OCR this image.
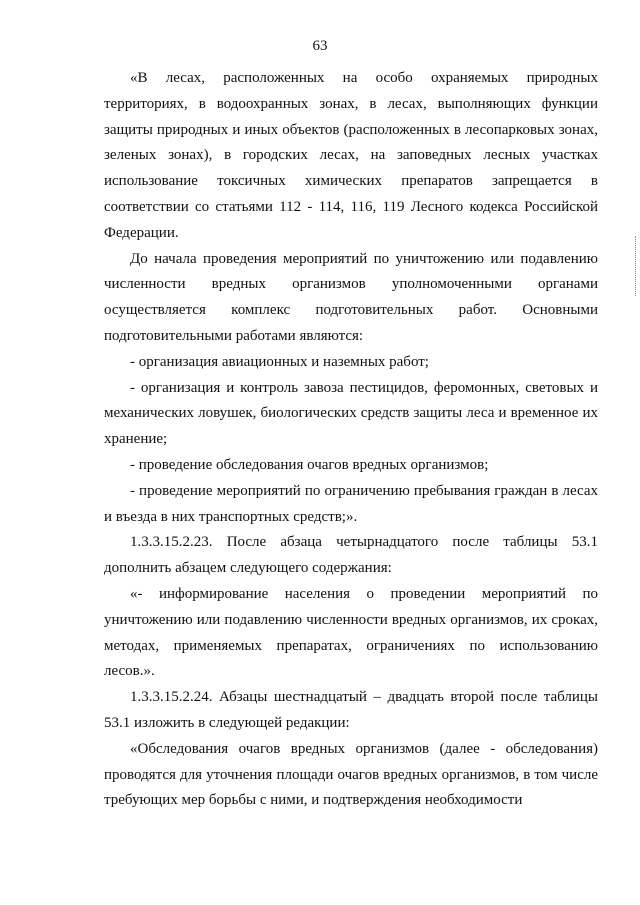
63

«В лесах, расположенных на особо охраняемых природных территориях, в водоохранных зонах, в лесах, выполняющих функции защиты природных и иных объектов (расположенных в лесопарковых зонах, зеленых зонах), в городских лесах, на заповедных лесных участках использование токсичных химических препаратов запрещается в соответствии со статьями 112 - 114, 116, 119 Лесного кодекса Российской Федерации.

До начала проведения мероприятий по уничтожению или подавлению численности вредных организмов уполномоченными органами осуществляется комплекс подготовительных работ. Основными подготовительными работами являются:

- организация авиационных и наземных работ;

- организация и контроль завоза пестицидов, феромонных, световых и механических ловушек, биологических средств защиты леса и временное их хранение;

- проведение обследования очагов вредных организмов;

- проведение мероприятий по ограничению пребывания граждан в лесах и въезда в них транспортных средств;».

1.3.3.15.2.23. После абзаца четырнадцатого после таблицы 53.1 дополнить абзацем следующего содержания:

«- информирование населения о проведении мероприятий по уничтожению или подавлению численности вредных организмов, их сроках, методах, применяемых препаратах, ограничениях по использованию лесов.».

1.3.3.15.2.24. Абзацы шестнадцатый – двадцать второй после таблицы 53.1 изложить в следующей редакции:

«Обследования очагов вредных организмов (далее - обследования) проводятся для уточнения площади очагов вредных организмов, в том числе требующих мер борьбы с ними, и подтверждения необходимости
